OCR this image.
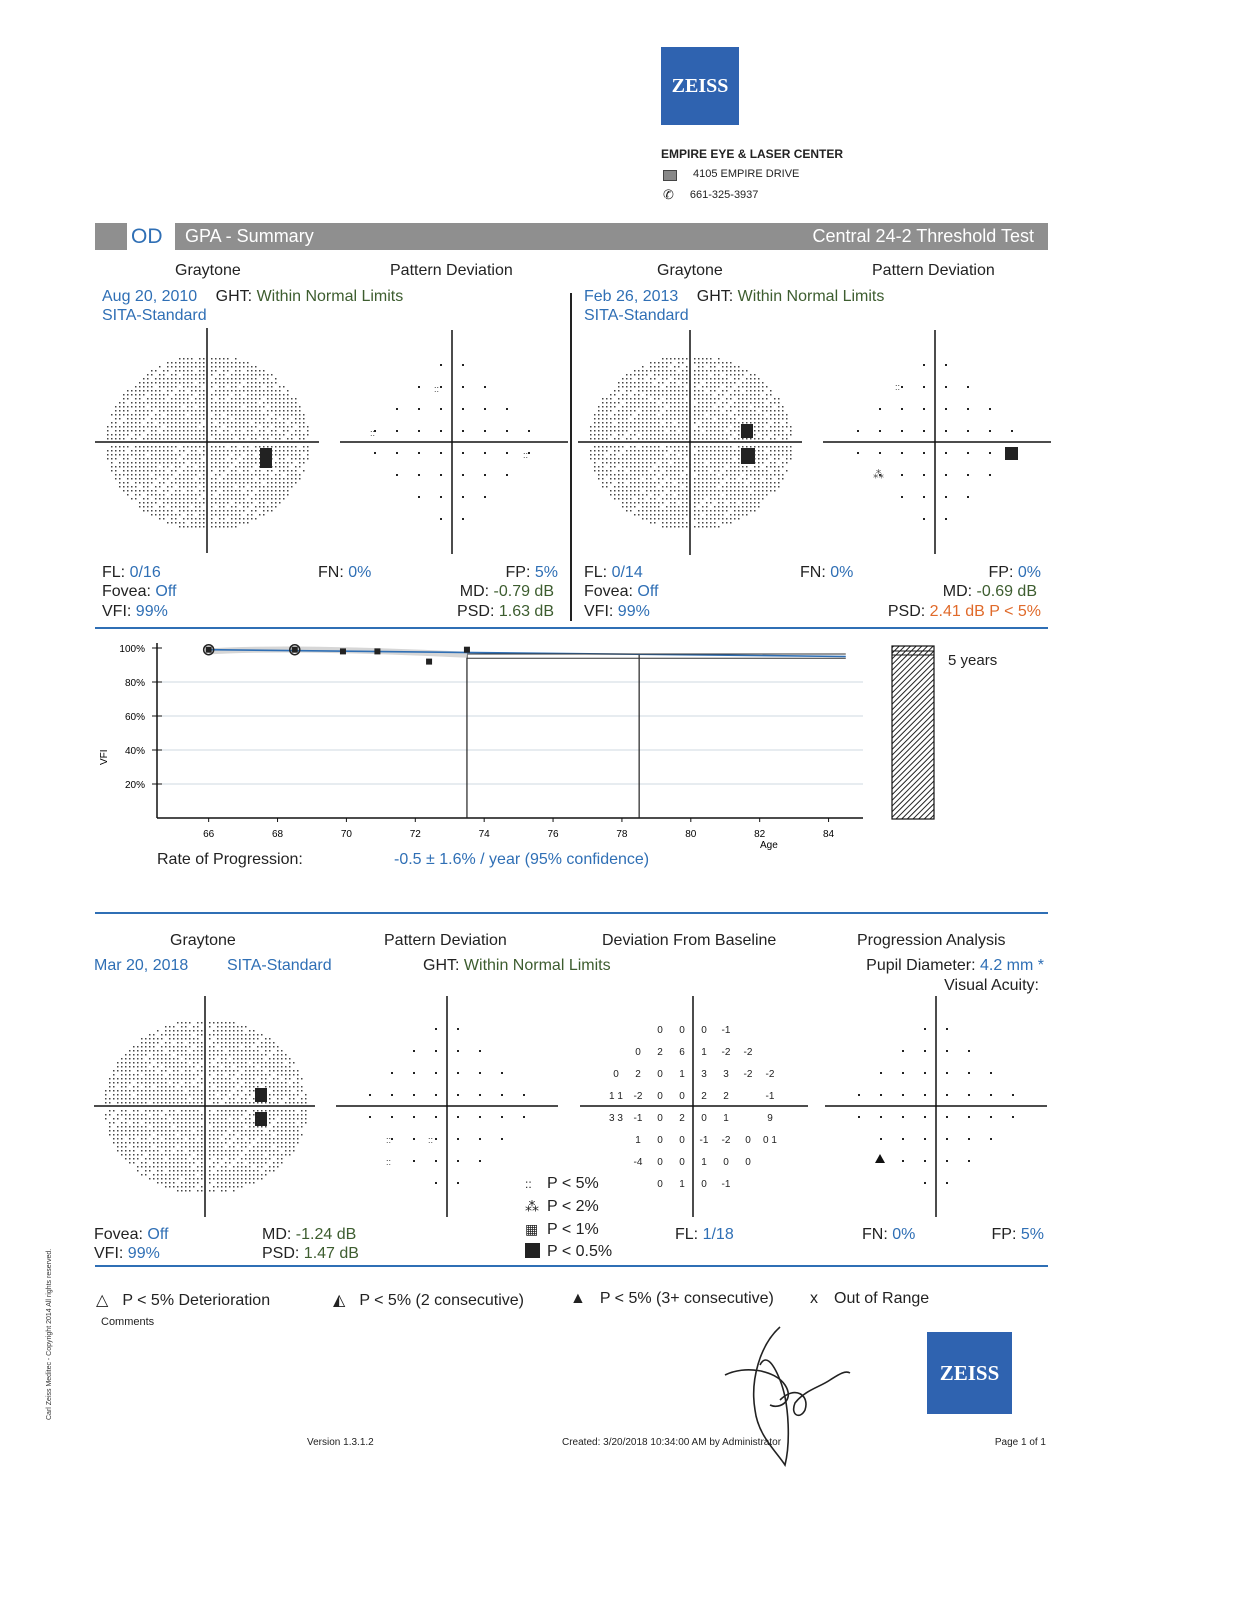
ZEISS
EMPIRE EYE & LASER CENTER
4105 EMPIRE DRIVE
✆ 661-325-3937
OD	GPA - Summary	Central 24-2 Threshold Test
Graytone	Pattern Deviation
Aug 20, 2010 GHT: Within Normal Limits
SITA-Standard
::
::
::
FL: 0/16	FN: 0%	FP: 5%
Fovea: Off	MD: -0.79 dB
VFI: 99%	PSD: 1.63 dB
Graytone	Pattern Deviation
Feb 26, 2013 GHT: Within Normal Limits
SITA-Standard
::
⁂
FL: 0/14	FN: 0%	FP: 0%
Fovea: Off	MD: -0.69 dB
VFI: 99%	PSD: 2.41 dB P < 5%
66	68	70	72	74	76	78	80	82	84
100%
80%
60%
40%
20%
VFI
Age
5 years
Rate of Progression:	-0.5 ± 1.6% / year (95% confidence)
Graytone	Pattern Deviation	Deviation From Baseline	Progression Analysis
Mar 20, 2018 SITA-Standard	GHT: Within Normal Limits	Pupil Diameter: 4.2 mm *
Visual Acuity:
::	::
::
0 0 0 -1
0 2 6 1 -2 -2
0 2 0 1 3 3 -2 -2
1 1 -2 0 0 2 2	-1
3 3 -1 0 2 0 1	9
1 0 0 -1 -2 0 0 1
-4 0 0 1 0 0
0 1 0 -1
:: P < 5%
⁂ P < 2%
▦ P < 1%
P < 0.5%
Fovea: Off
VFI: 99%
MD: -1.24 dB
PSD: 1.47 dB
FL: 1/18	FN: 0%	FP: 5%
△ P < 5% Deterioration	◭ P < 5% (2 consecutive)	▲ P < 5% (3+ consecutive) x Out of Range
Comments
ZEISS
Version 1.3.1.2	Created: 3/20/2018 10:34:00 AM by Administrator	Page 1 of 1
Carl Zeiss Meditec - Copyright 2014 All rights reserved.
